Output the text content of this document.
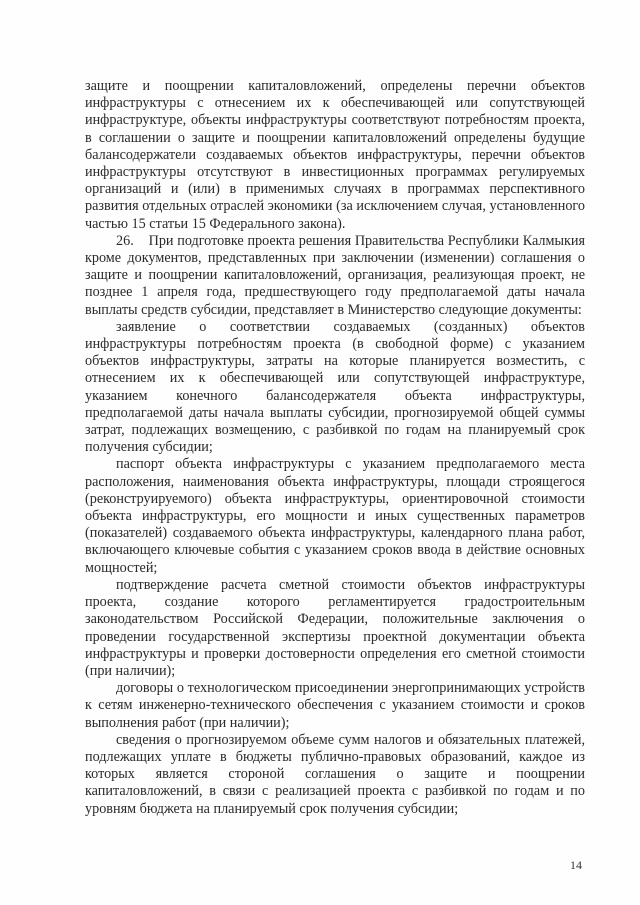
защите и поощрении капиталовложений, определены перечни объектов инфраструктуры с отнесением их к обеспечивающей или сопутствующей инфраструктуре, объекты инфраструктуры соответствуют потребностям проекта, в соглашении о защите и поощрении капиталовложений определены будущие балансодержатели создаваемых объектов инфраструктуры, перечни объектов инфраструктуры отсутствуют в инвестиционных программах регулируемых организаций и (или) в применимых случаях в программах перспективного развития отдельных отраслей экономики (за исключением случая, установленного частью 15 статьи 15 Федерального закона).

26.    При подготовке проекта решения Правительства Республики Калмыкия кроме документов, представленных при заключении (изменении) соглашения о защите и поощрении капиталовложений, организация, реализующая проект, не позднее 1 апреля года, предшествующего году предполагаемой даты начала выплаты средств субсидии, представляет в Министерство следующие документы:

заявление о соответствии создаваемых (созданных) объектов инфраструктуры потребностям проекта (в свободной форме) с указанием объектов инфраструктуры, затраты на которые планируется возместить, с отнесением их к обеспечивающей или сопутствующей инфраструктуре, указанием конечного балансодержателя объекта инфраструктуры, предполагаемой даты начала выплаты субсидии, прогнозируемой общей суммы затрат, подлежащих возмещению, с разбивкой по годам на планируемый срок получения субсидии;

паспорт объекта инфраструктуры с указанием предполагаемого места расположения, наименования объекта инфраструктуры, площади строящегося (реконструируемого) объекта инфраструктуры, ориентировочной стоимости объекта инфраструктуры, его мощности и иных существенных параметров (показателей) создаваемого объекта инфраструктуры, календарного плана работ, включающего ключевые события с указанием сроков ввода в действие основных мощностей;

подтверждение расчета сметной стоимости объектов инфраструктуры проекта, создание которого регламентируется градостроительным законодательством Российской Федерации, положительные заключения о проведении государственной экспертизы проектной документации объекта инфраструктуры и проверки достоверности определения его сметной стоимости (при наличии);

договоры о технологическом присоединении энергопринимающих устройств к сетям инженерно-технического обеспечения с указанием стоимости и сроков выполнения работ (при наличии);

сведения о прогнозируемом объеме сумм налогов и обязательных платежей, подлежащих уплате в бюджеты публично-правовых образований, каждое из которых является стороной соглашения о защите и поощрении капиталовложений, в связи с реализацией проекта с разбивкой по годам и по уровням бюджета на планируемый срок получения субсидии;

14
